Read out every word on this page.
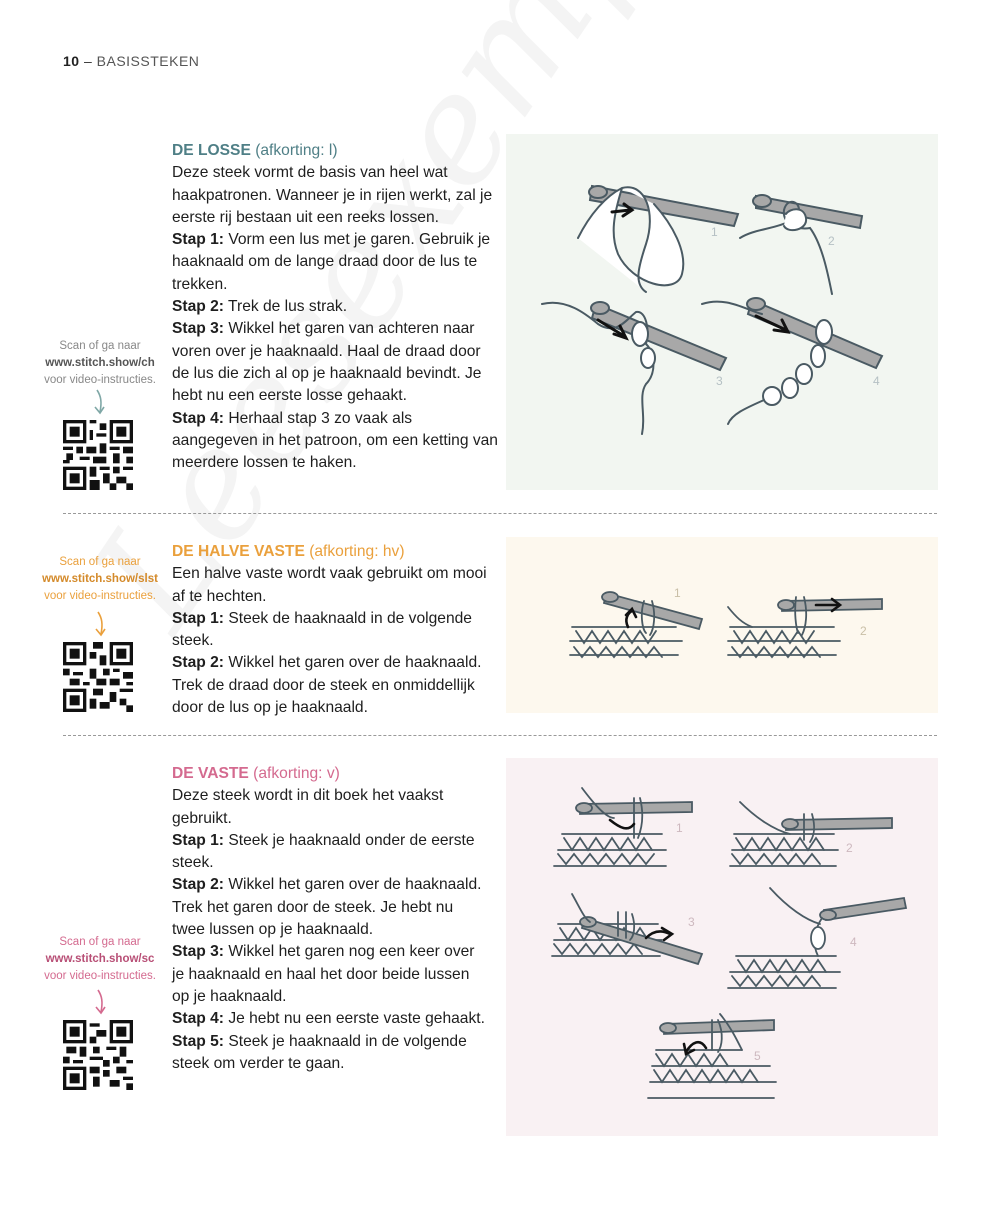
10 – BASISSTEKEN
DE LOSSE (afkorting: l)
Deze steek vormt de basis van heel wat haakpatronen. Wanneer je in rijen werkt, zal je eerste rij bestaan uit een reeks lossen.
Stap 1: Vorm een lus met je garen. Gebruik je haaknaald om de lange draad door de lus te trekken.
Stap 2: Trek de lus strak.
Stap 3: Wikkel het garen van achteren naar voren over je haaknaald. Haal de draad door de lus die zich al op je haaknaald bevindt. Je hebt nu een eerste losse gehaakt.
Stap 4: Herhaal stap 3 zo vaak als aangegeven in het patroon, om een ketting van meerdere lossen te haken.
Scan of ga naar
www.stitch.show/ch
voor video-instructies.
1
2
3	4
DE HALVE VASTE (afkorting: hv)
Een halve vaste wordt vaak gebruikt om mooi af te hechten.
Stap 1: Steek de haaknaald in de volgende steek.
Stap 2: Wikkel het garen over de haaknaald. Trek de draad door de steek en onmiddellijk door de lus op je haaknaald.
Scan of ga naar
www.stitch.show/slst
voor video-instructies.	1
2
DE VASTE (afkorting: v)
Deze steek wordt in dit boek het vaakst gebruikt.
Stap 1: Steek je haaknaald onder de eerste steek.
Stap 2: Wikkel het garen over de haaknaald. Trek het garen door de steek. Je hebt nu twee lussen op je haaknaald.
Stap 3: Wikkel het garen nog een keer over je haaknaald en haal het door beide lussen op je haaknaald.
Stap 4: Je hebt nu een eerste vaste gehaakt.
Stap 5: Steek je haaknaald in de volgende steek om verder te gaan.
Scan of ga naar
www.stitch.show/sc
voor video-instructies.
1
2
3
4
5
